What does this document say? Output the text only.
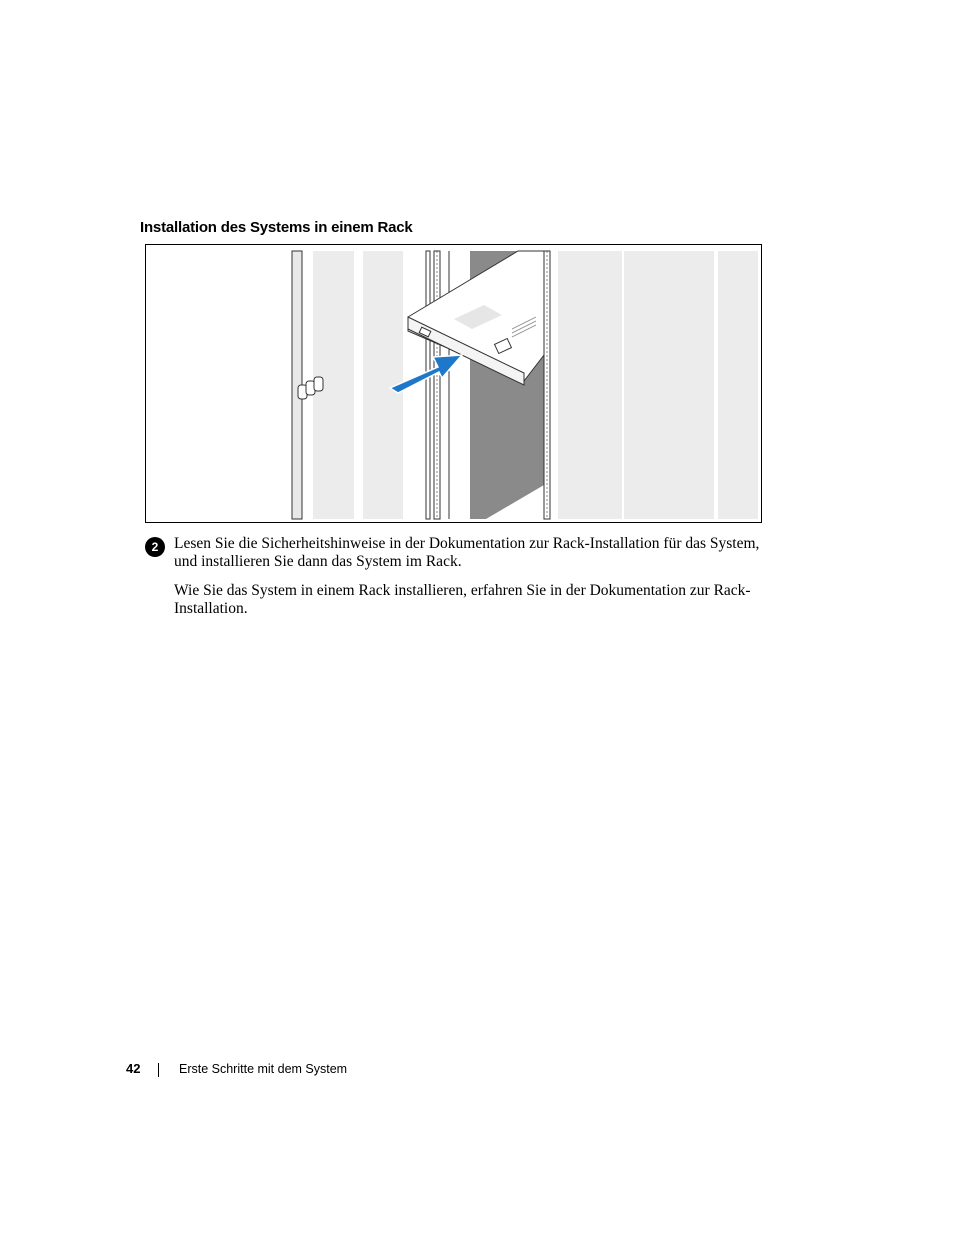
Installation des Systems in einem Rack
2	Lesen Sie die Sicherheitshinweise in der Dokumentation zur Rack-Installation für das System, und installieren Sie dann das System im Rack.
Wie Sie das System in einem Rack installieren, erfahren Sie in der Dokumentation zur Rack-Installation.
42	Erste Schritte mit dem System
